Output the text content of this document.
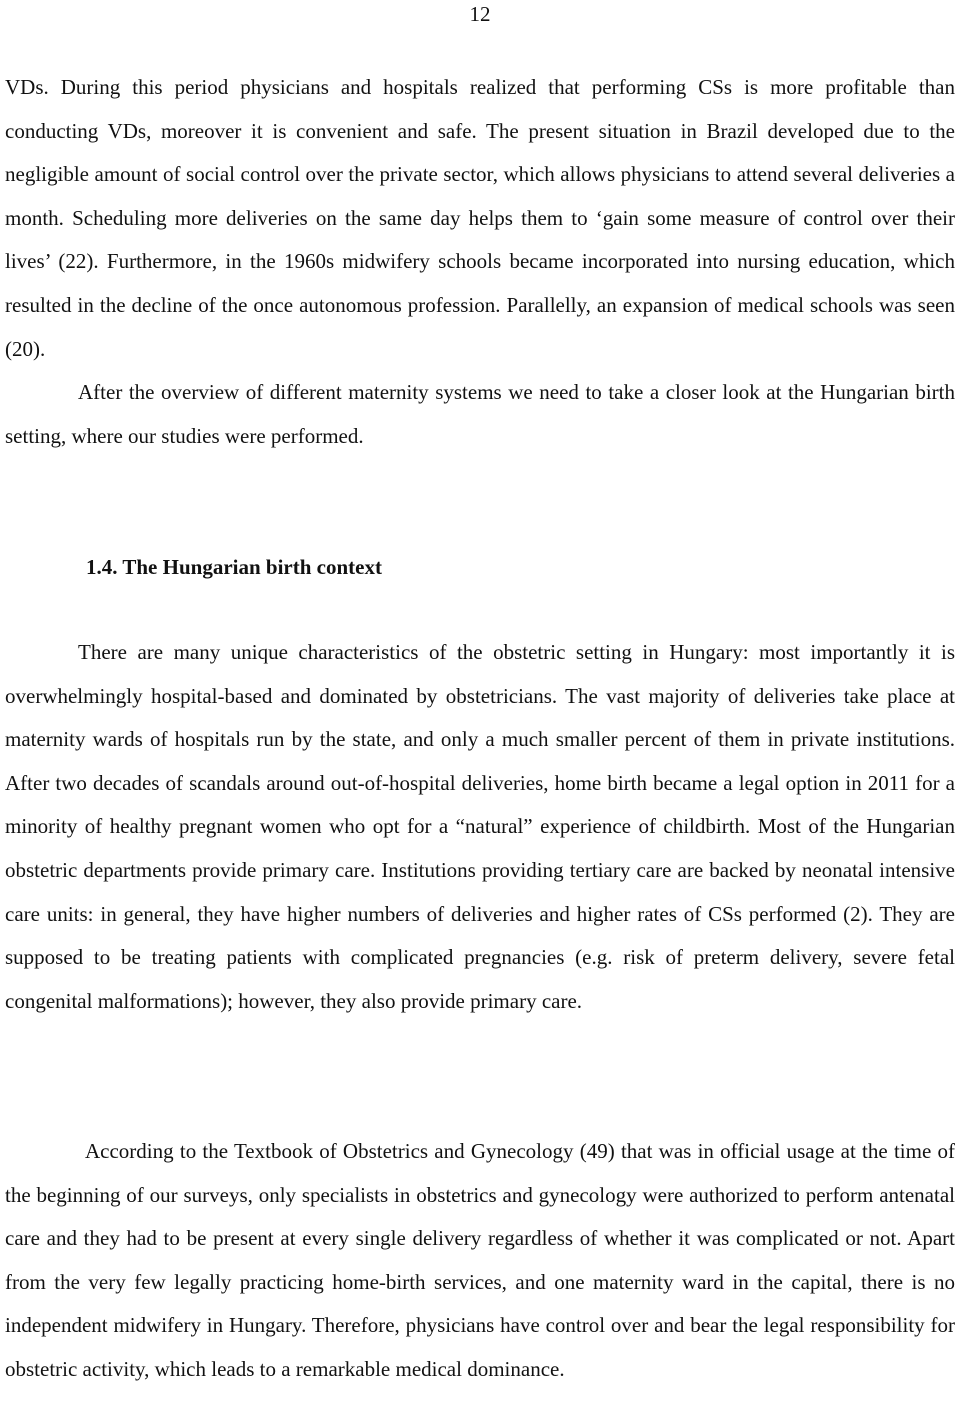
12

VDs. During this period physicians and hospitals realized that performing CSs is more profitable than conducting VDs, moreover it is convenient and safe. The present situation in Brazil developed due to the negligible amount of social control over the private sector, which allows physicians to attend several deliveries a month. Scheduling more deliveries on the same day helps them to ‘gain some measure of control over their lives’ (22). Furthermore, in the 1960s midwifery schools became incorporated into nursing education, which resulted in the decline of the once autonomous profession. Parallelly, an expansion of medical schools was seen (20).

After the overview of different maternity systems we need to take a closer look at the Hungarian birth setting, where our studies were performed.

1.4. The Hungarian birth context

There are many unique characteristics of the obstetric setting in Hungary: most importantly it is overwhelmingly hospital-based and dominated by obstetricians. The vast majority of deliveries take place at maternity wards of hospitals run by the state, and only a much smaller percent of them in private institutions. After two decades of scandals around out-of-hospital deliveries, home birth became a legal option in 2011 for a minority of healthy pregnant women who opt for a “natural” experience of childbirth. Most of the Hungarian obstetric departments provide primary care. Institutions providing tertiary care are backed by neonatal intensive care units: in general, they have higher numbers of deliveries and higher rates of CSs performed (2). They are supposed to be treating patients with complicated pregnancies (e.g. risk of preterm delivery, severe fetal congenital malformations); however, they also provide primary care.

According to the Textbook of Obstetrics and Gynecology (49) that was in official usage at the time of the beginning of our surveys, only specialists in obstetrics and gynecology were authorized to perform antenatal care and they had to be present at every single delivery regardless of whether it was complicated or not. Apart from the very few legally practicing home-birth services, and one maternity ward in the capital, there is no independent midwifery in Hungary. Therefore, physicians have control over and bear the legal responsibility for obstetric activity, which leads to a remarkable medical dominance.
